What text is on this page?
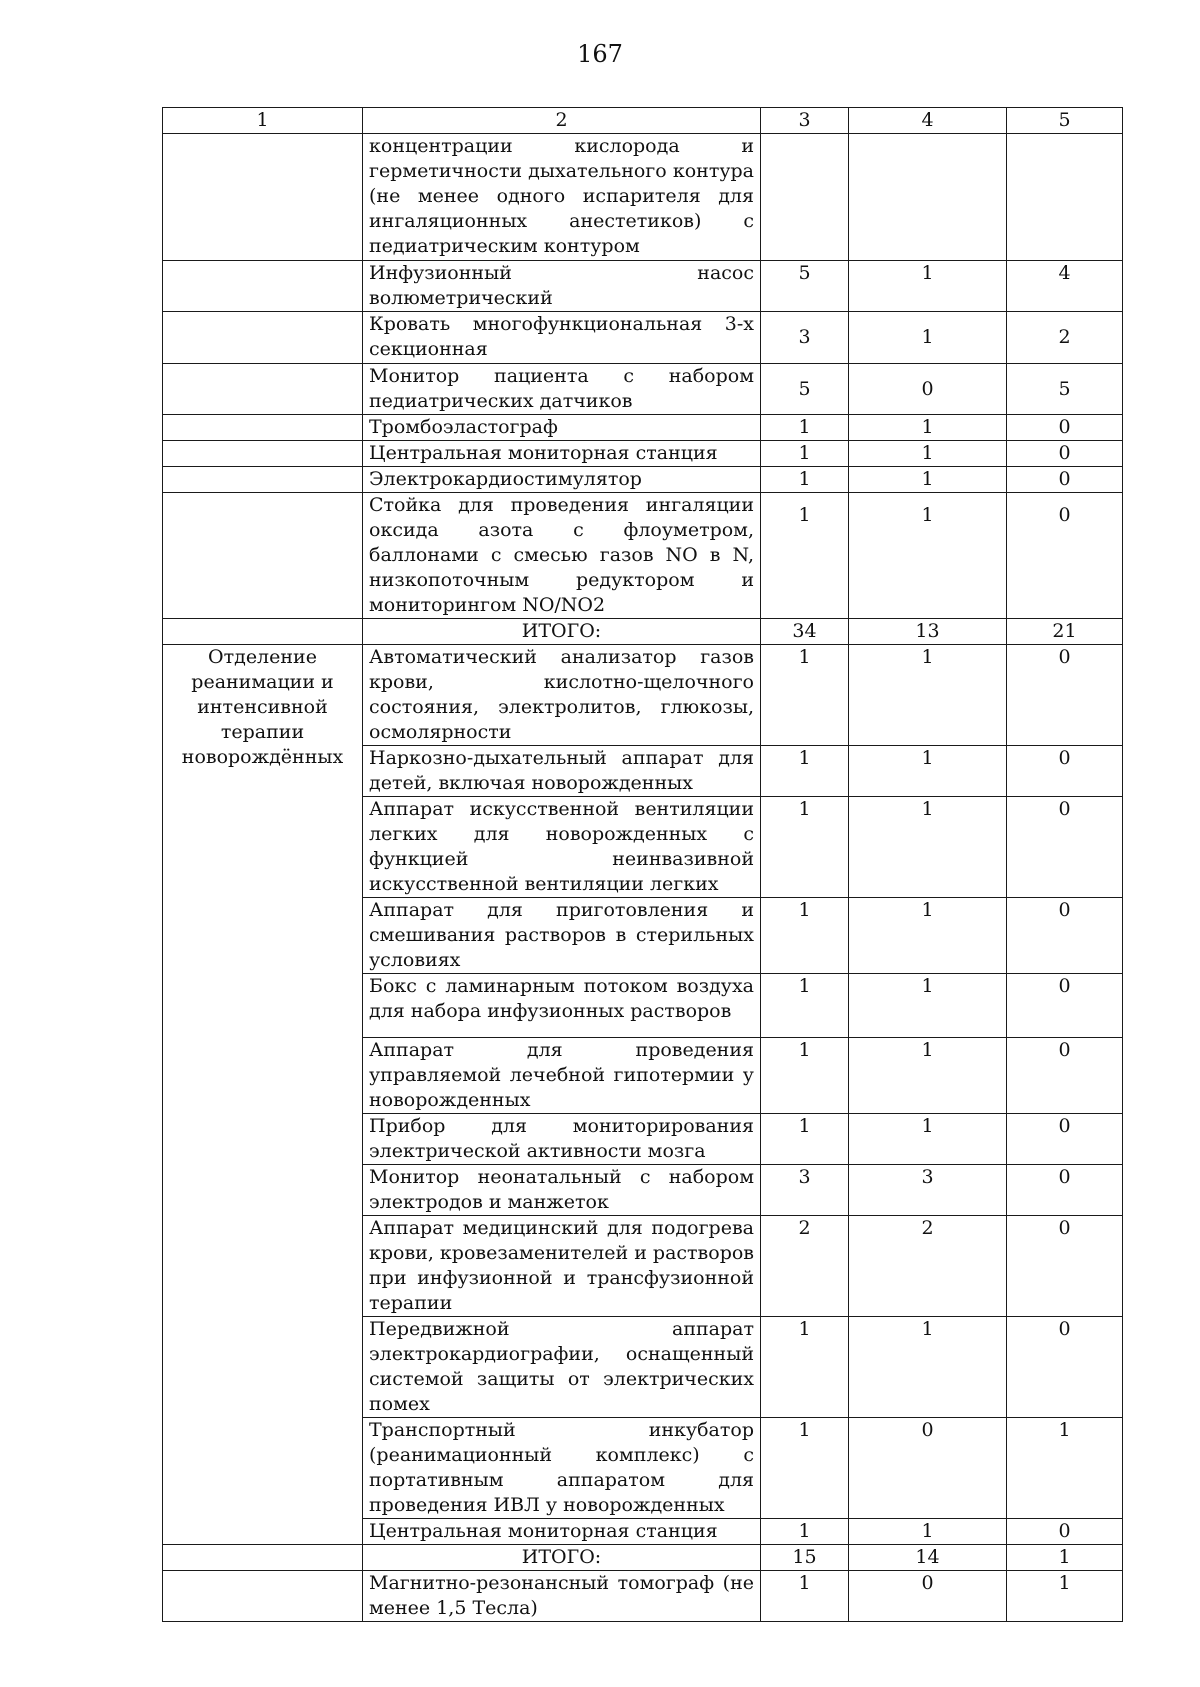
167
1	2	3	4	5
	концентрации кислорода и герметичности дыхательного контура (не менее одного испарителя для ингаляционных анестетиков) с педиатрическим контуром			
	Инфузионный насос волюметрический	5	1	4
	Кровать многофункциональная 3-х секционная	3	1	2
	Монитор пациента с набором педиатрических датчиков	5	0	5
	Тромбоэластограф	1	1	0
	Центральная мониторная станция	1	1	0
	Электрокардиостимулятор	1	1	0
	Стойка для проведения ингаляции оксида азота с флоуметром, баллонами с смесью газов NO в N, низкопоточным редуктором и мониторингом NO/NO2	1	1	0
	ИТОГО:	34	13	21
Отделение реанимации и интенсивной терапии новорождённых	Автоматический анализатор газов крови, кислотно-щелочного состояния, электролитов, глюкозы, осмолярности	1	1	0
	Наркозно-дыхательный аппарат для детей, включая новорожденных	1	1	0
	Аппарат искусственной вентиляции легких для новорожденных с функцией неинвазивной искусственной вентиляции легких	1	1	0
	Аппарат для приготовления и смешивания растворов в стерильных условиях	1	1	0
	Бокс с ламинарным потоком воздуха для набора инфузионных растворов	1	1	0
	Аппарат для проведения управляемой лечебной гипотермии у новорожденных	1	1	0
	Прибор для мониторирования электрической активности мозга	1	1	0
	Монитор неонатальный с набором электродов и манжеток	3	3	0
	Аппарат медицинский для подогрева крови, кровезаменителей и растворов при инфузионной и трансфузионной терапии	2	2	0
	Передвижной аппарат электрокардиографии, оснащенный системой защиты от электрических помех	1	1	0
	Транспортный инкубатор (реанимационный комплекс) с портативным аппаратом для проведения ИВЛ у новорожденных	1	0	1
	Центральная мониторная станция	1	1	0
	ИТОГО:	15	14	1
	Магнитно-резонансный томограф (не менее 1,5 Тесла)	1	0	1
